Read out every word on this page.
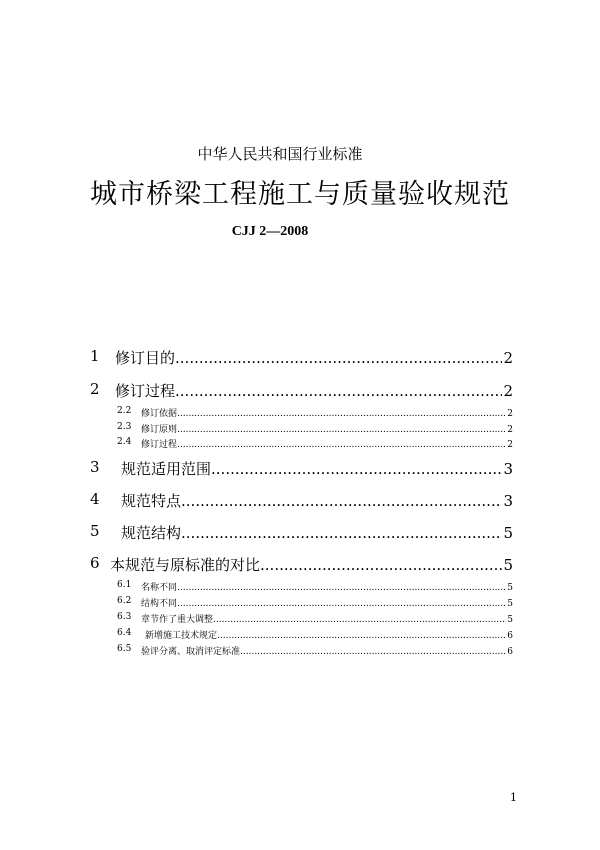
中华人民共和国行业标准
城市桥梁工程施工与质量验收规范
CJJ 2—2008
1 修订目的 .....	2
2 修订过程 .....	2
2.2 修订依据 .....	2
2.3 修订原则 .....	2
2.4 修订过程 .....	2
3 规范适用范围 .....	3
4 规范特点 .....	3
5 规范结构 .....	5
6 本规范与原标准的对比 .....	5
6.1 名称不同 .....	5
6.2 结构不同 .....	5
6.3 章节作了重大调整 .....	5
6.4 新增施工技术规定 .....	6
6.5 验评分离、取消评定标准 .....	6
1
